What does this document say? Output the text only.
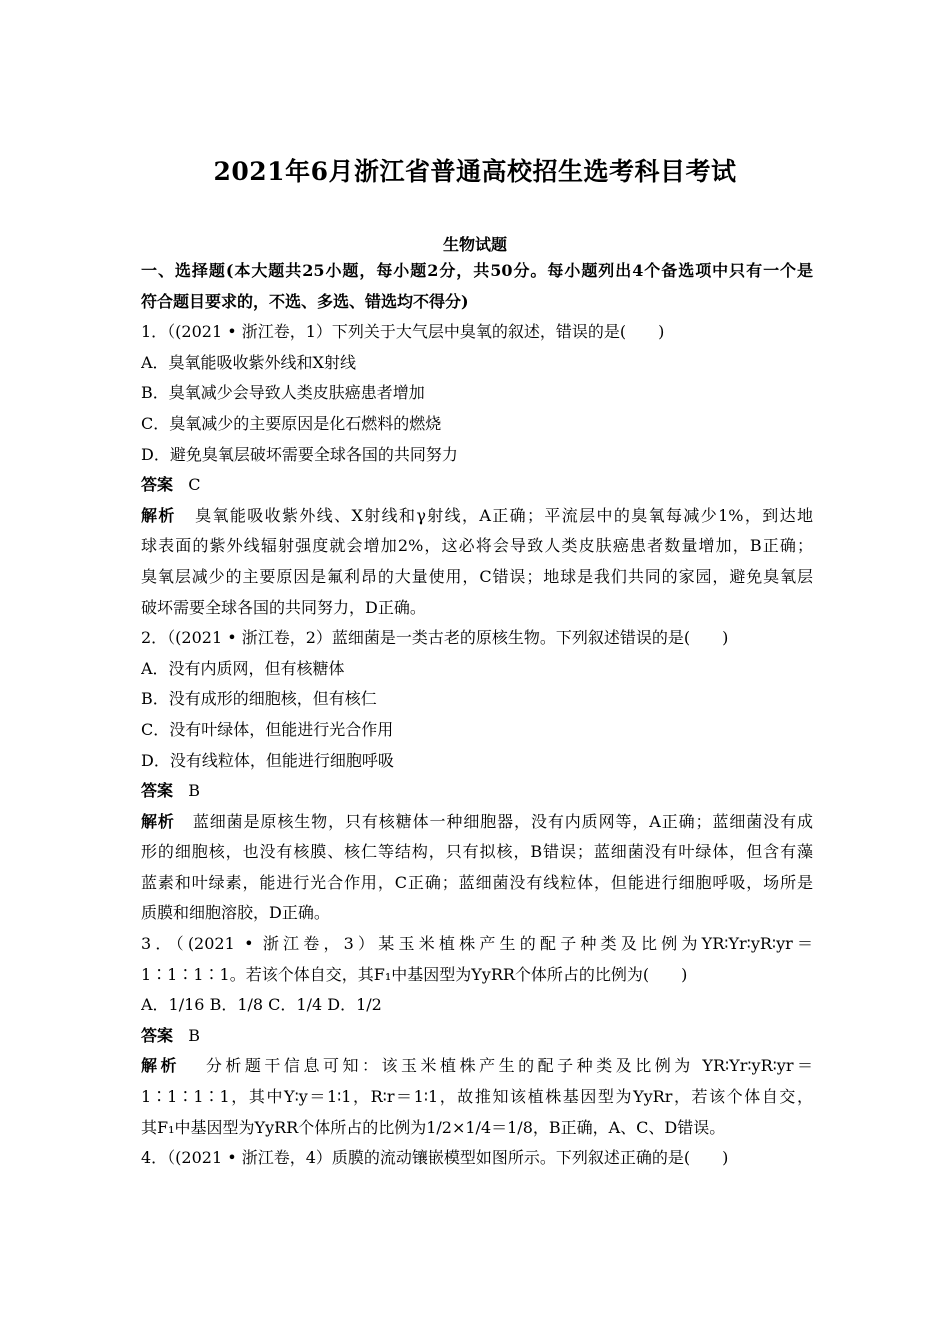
2021年6月浙江省普通高校招生选考科目考试
生物试题
一、选择题(本大题共25小题，每小题2分，共50分。每小题列出4个备选项中只有一个是
符合题目要求的，不选、多选、错选均不得分)
1．（(2021 • 浙江卷，1）下列关于大气层中臭氧的叙述，错误的是(　　)
A．臭氧能吸收紫外线和X射线
B．臭氧减少会导致人类皮肤癌患者增加
C．臭氧减少的主要原因是化石燃料的燃烧
D．避免臭氧层破坏需要全球各国的共同努力
答案 C
解析 臭氧能吸收紫外线、X射线和γ射线，A正确；平流层中的臭氧每减少1%，到达地
球表面的紫外线辐射强度就会增加2%，这必将会导致人类皮肤癌患者数量增加，B正确；
臭氧层减少的主要原因是氟利昂的大量使用，C错误；地球是我们共同的家园，避免臭氧层
破坏需要全球各国的共同努力，D正确。
2．（(2021 • 浙江卷，2）蓝细菌是一类古老的原核生物。下列叙述错误的是(　　)
A．没有内质网，但有核糖体
B．没有成形的细胞核，但有核仁
C．没有叶绿体，但能进行光合作用
D．没有线粒体，但能进行细胞呼吸
答案 B
解析 蓝细菌是原核生物，只有核糖体一种细胞器，没有内质网等，A正确；蓝细菌没有成
形的细胞核，也没有核膜、核仁等结构，只有拟核，B错误；蓝细菌没有叶绿体，但含有藻
蓝素和叶绿素，能进行光合作用，C正确；蓝细菌没有线粒体，但能进行细胞呼吸，场所是
质膜和细胞溶胶，D正确。
3．（(2021 • 浙江卷，3）某玉米植株产生的配子种类及比例为YR∶Yr∶yR∶yr＝
1∶1∶1∶1。若该个体自交，其F₁中基因型为YyRR个体所占的比例为(　　)
A．1/16 B．1/8 C．1/4 D．1/2
答案 B
解析 分析题干信息可知：该玉米植株产生的配子种类及比例为 YR∶Yr∶yR∶yr＝
1∶1∶1∶1，其中Y∶y＝1∶1，R∶r＝1∶1，故推知该植株基因型为YyRr，若该个体自交，
其F₁中基因型为YyRR个体所占的比例为1/2×1/4＝1/8，B正确，A、C、D错误。
4．（(2021 • 浙江卷，4）质膜的流动镶嵌模型如图所示。下列叙述正确的是(　　)
